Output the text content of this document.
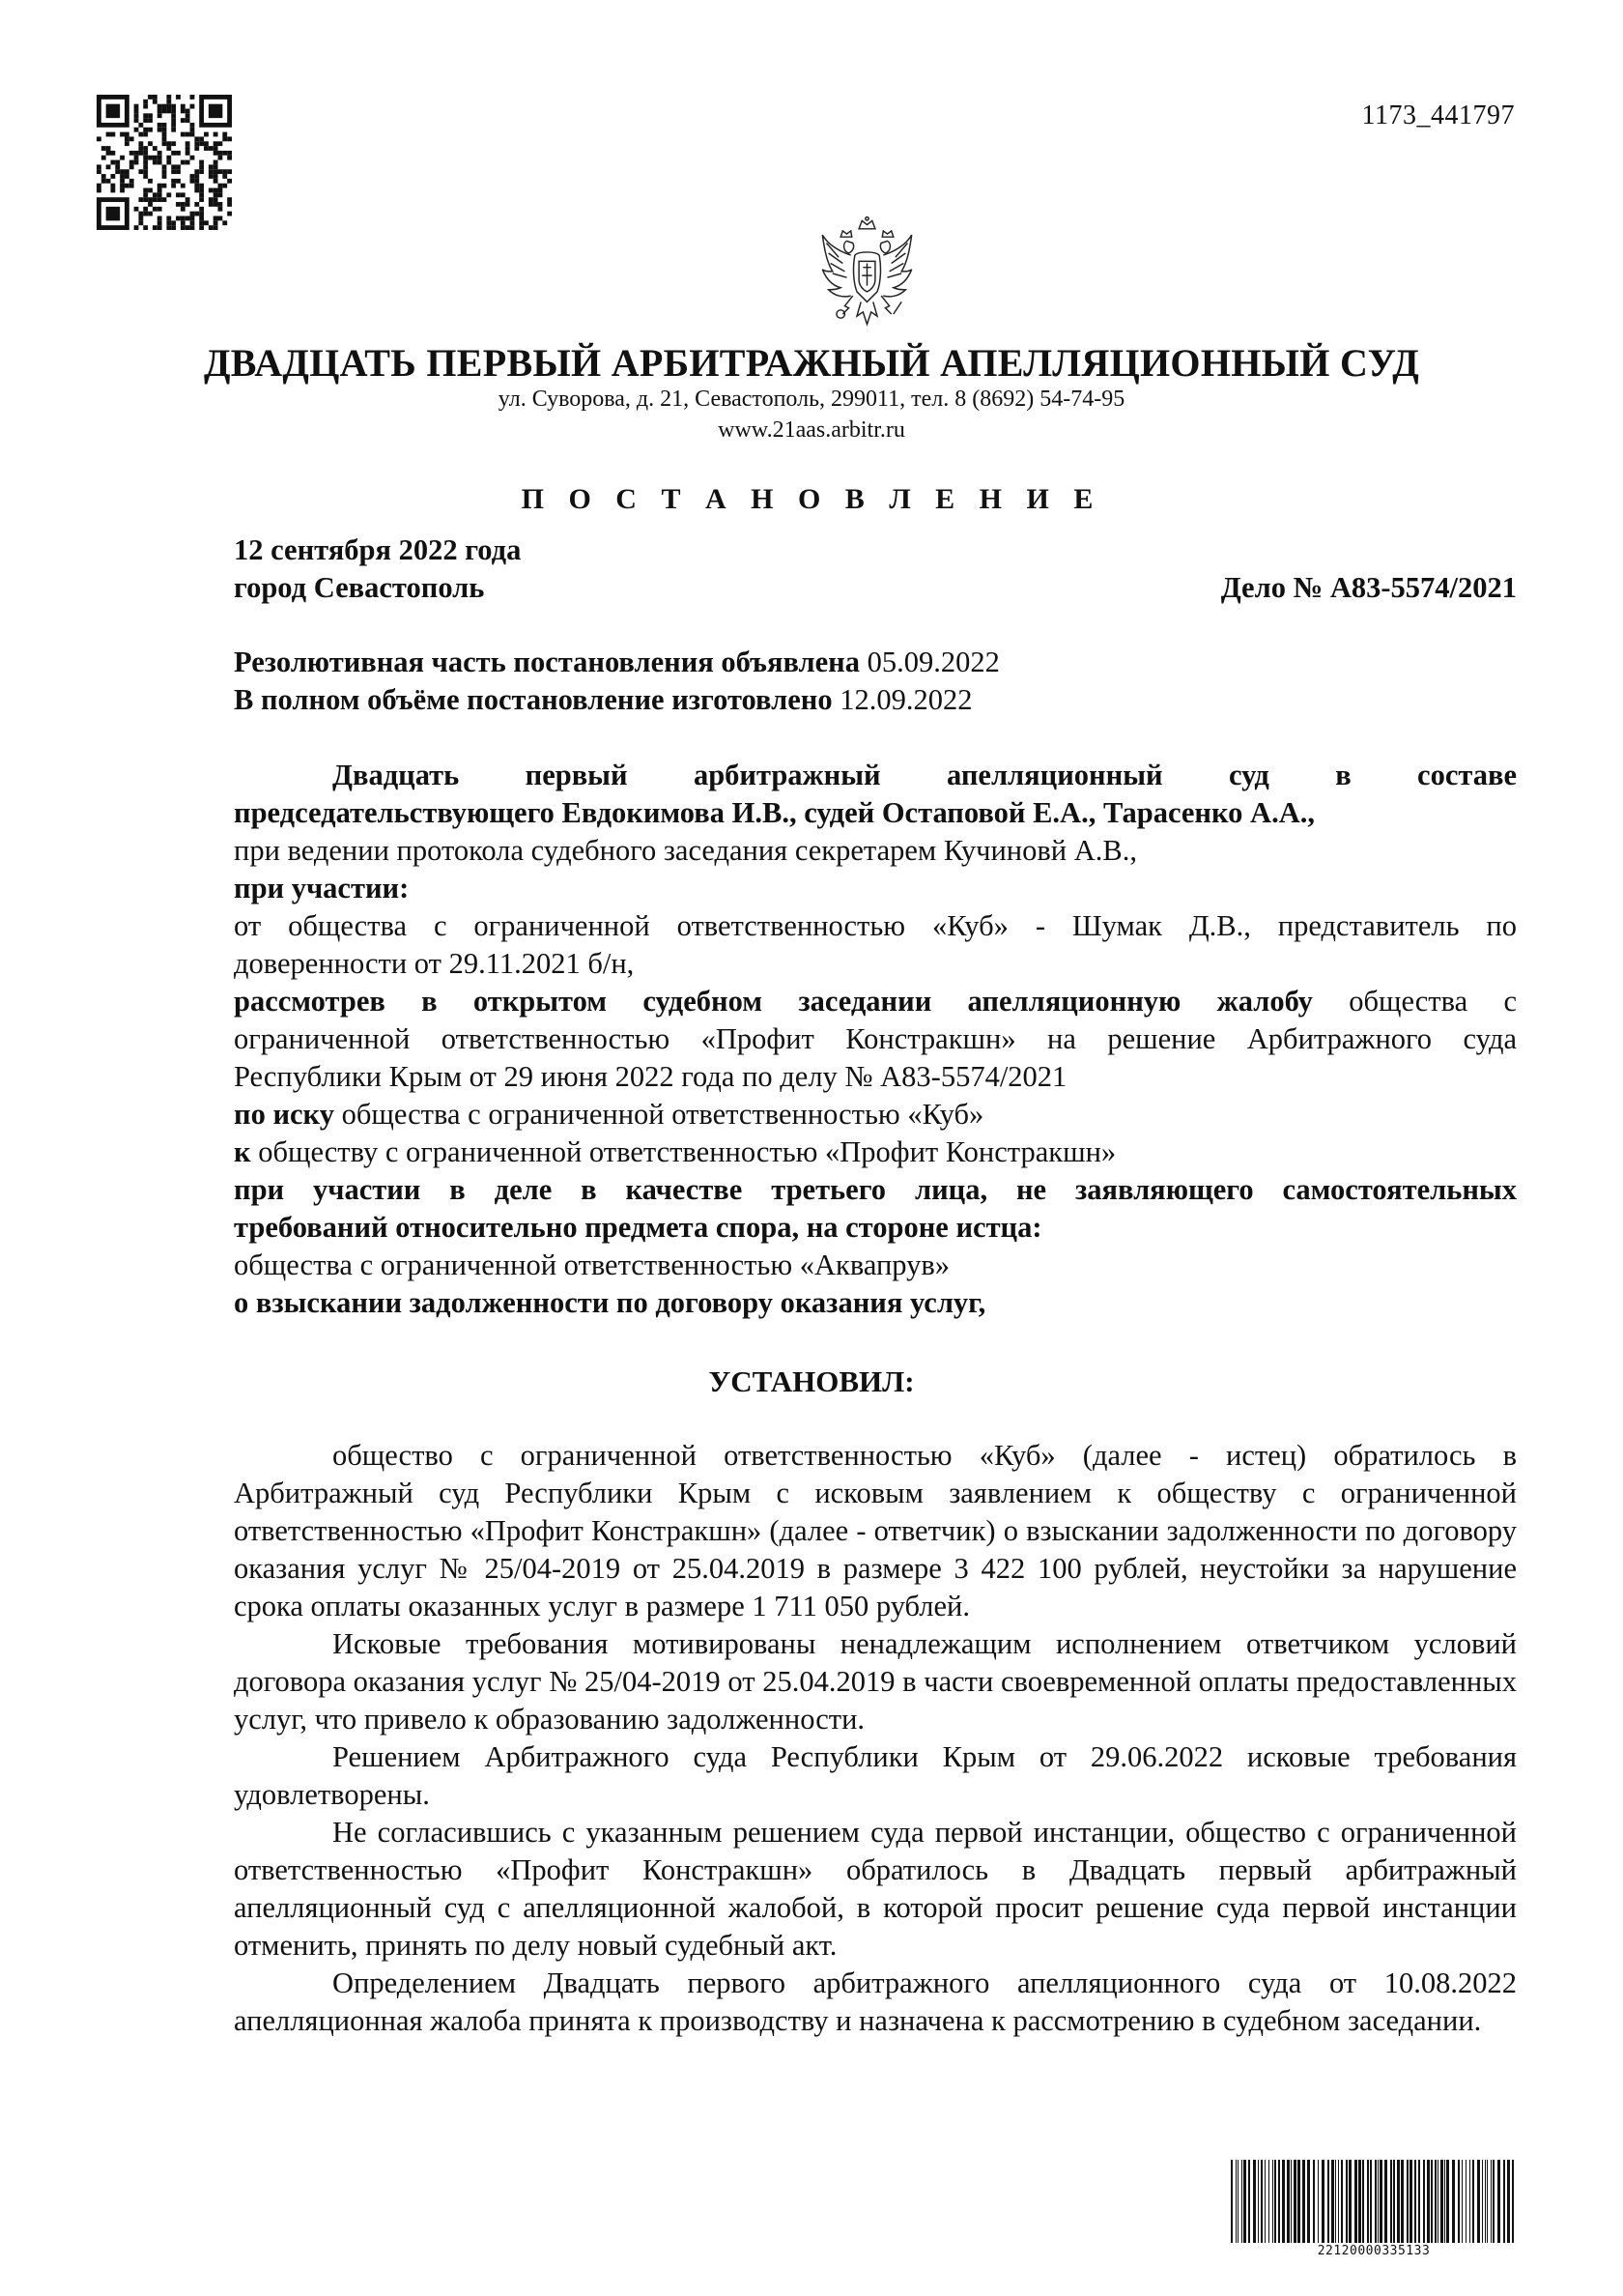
1173_441797
ДВАДЦАТЬ ПЕРВЫЙ АРБИТРАЖНЫЙ АПЕЛЛЯЦИОННЫЙ СУД
ул. Суворова, д. 21, Севастополь, 299011, тел. 8 (8692) 54-74-95
www.21aas.arbitr.ru
П О С Т А Н О В Л Е Н И Е
12 сентября 2022 года
город Севастополь	Дело № А83-5574/2021
Резолютивная часть постановления объявлена 05.09.2022
В полном объёме постановление изготовлено 12.09.2022
Двадцать первый арбитражный апелляционный суд в составе
председательствующего Евдокимова И.В., судей Остаповой Е.А., Тарасенко А.А.,
при ведении протокола судебного заседания секретарем Кучиновй А.В.,
при участии:
от общества с ограниченной ответственностью «Куб» - Шумак Д.В., представитель по
доверенности от 29.11.2021 б/н,
рассмотрев в открытом судебном заседании апелляционную жалобу общества с
ограниченной ответственностью «Профит Констракшн» на решение Арбитражного суда
Республики Крым от 29 июня 2022 года по делу № А83-5574/2021
по иску общества с ограниченной ответственностью «Куб»
к обществу с ограниченной ответственностью «Профит Констракшн»
при участии в деле в качестве третьего лица, не заявляющего самостоятельных
требований относительно предмета спора, на стороне истца:
общества с ограниченной ответственностью «Аквапрув»
о взыскании задолженности по договору оказания услуг,
УСТАНОВИЛ:

общество с ограниченной ответственностью «Куб» (далее - истец) обратилось в Арбитражный суд Республики Крым с исковым заявлением к обществу с ограниченной ответственностью «Профит Констракшн» (далее - ответчик) о взыскании задолженности по договору оказания услуг № 25/04-2019 от 25.04.2019 в размере 3 422 100 рублей, неустойки за нарушение срока оплаты оказанных услуг в размере 1 711 050 рублей.

Исковые требования мотивированы ненадлежащим исполнением ответчиком условий договора оказания услуг № 25/04-2019 от 25.04.2019 в части своевременной оплаты предоставленных услуг, что привело к образованию задолженности.

Решением Арбитражного суда Республики Крым от 29.06.2022 исковые требования удовлетворены.

Не согласившись с указанным решением суда первой инстанции, общество с ограниченной ответственностью «Профит Констракшн» обратилось в Двадцать первый арбитражный апелляционный суд с апелляционной жалобой, в которой просит решение суда первой инстанции отменить, принять по делу новый судебный акт.

Определением Двадцать первого арбитражного апелляционного суда от 10.08.2022 апелляционная жалоба принята к производству и назначена к рассмотрению в судебном заседании.

22120000335133
